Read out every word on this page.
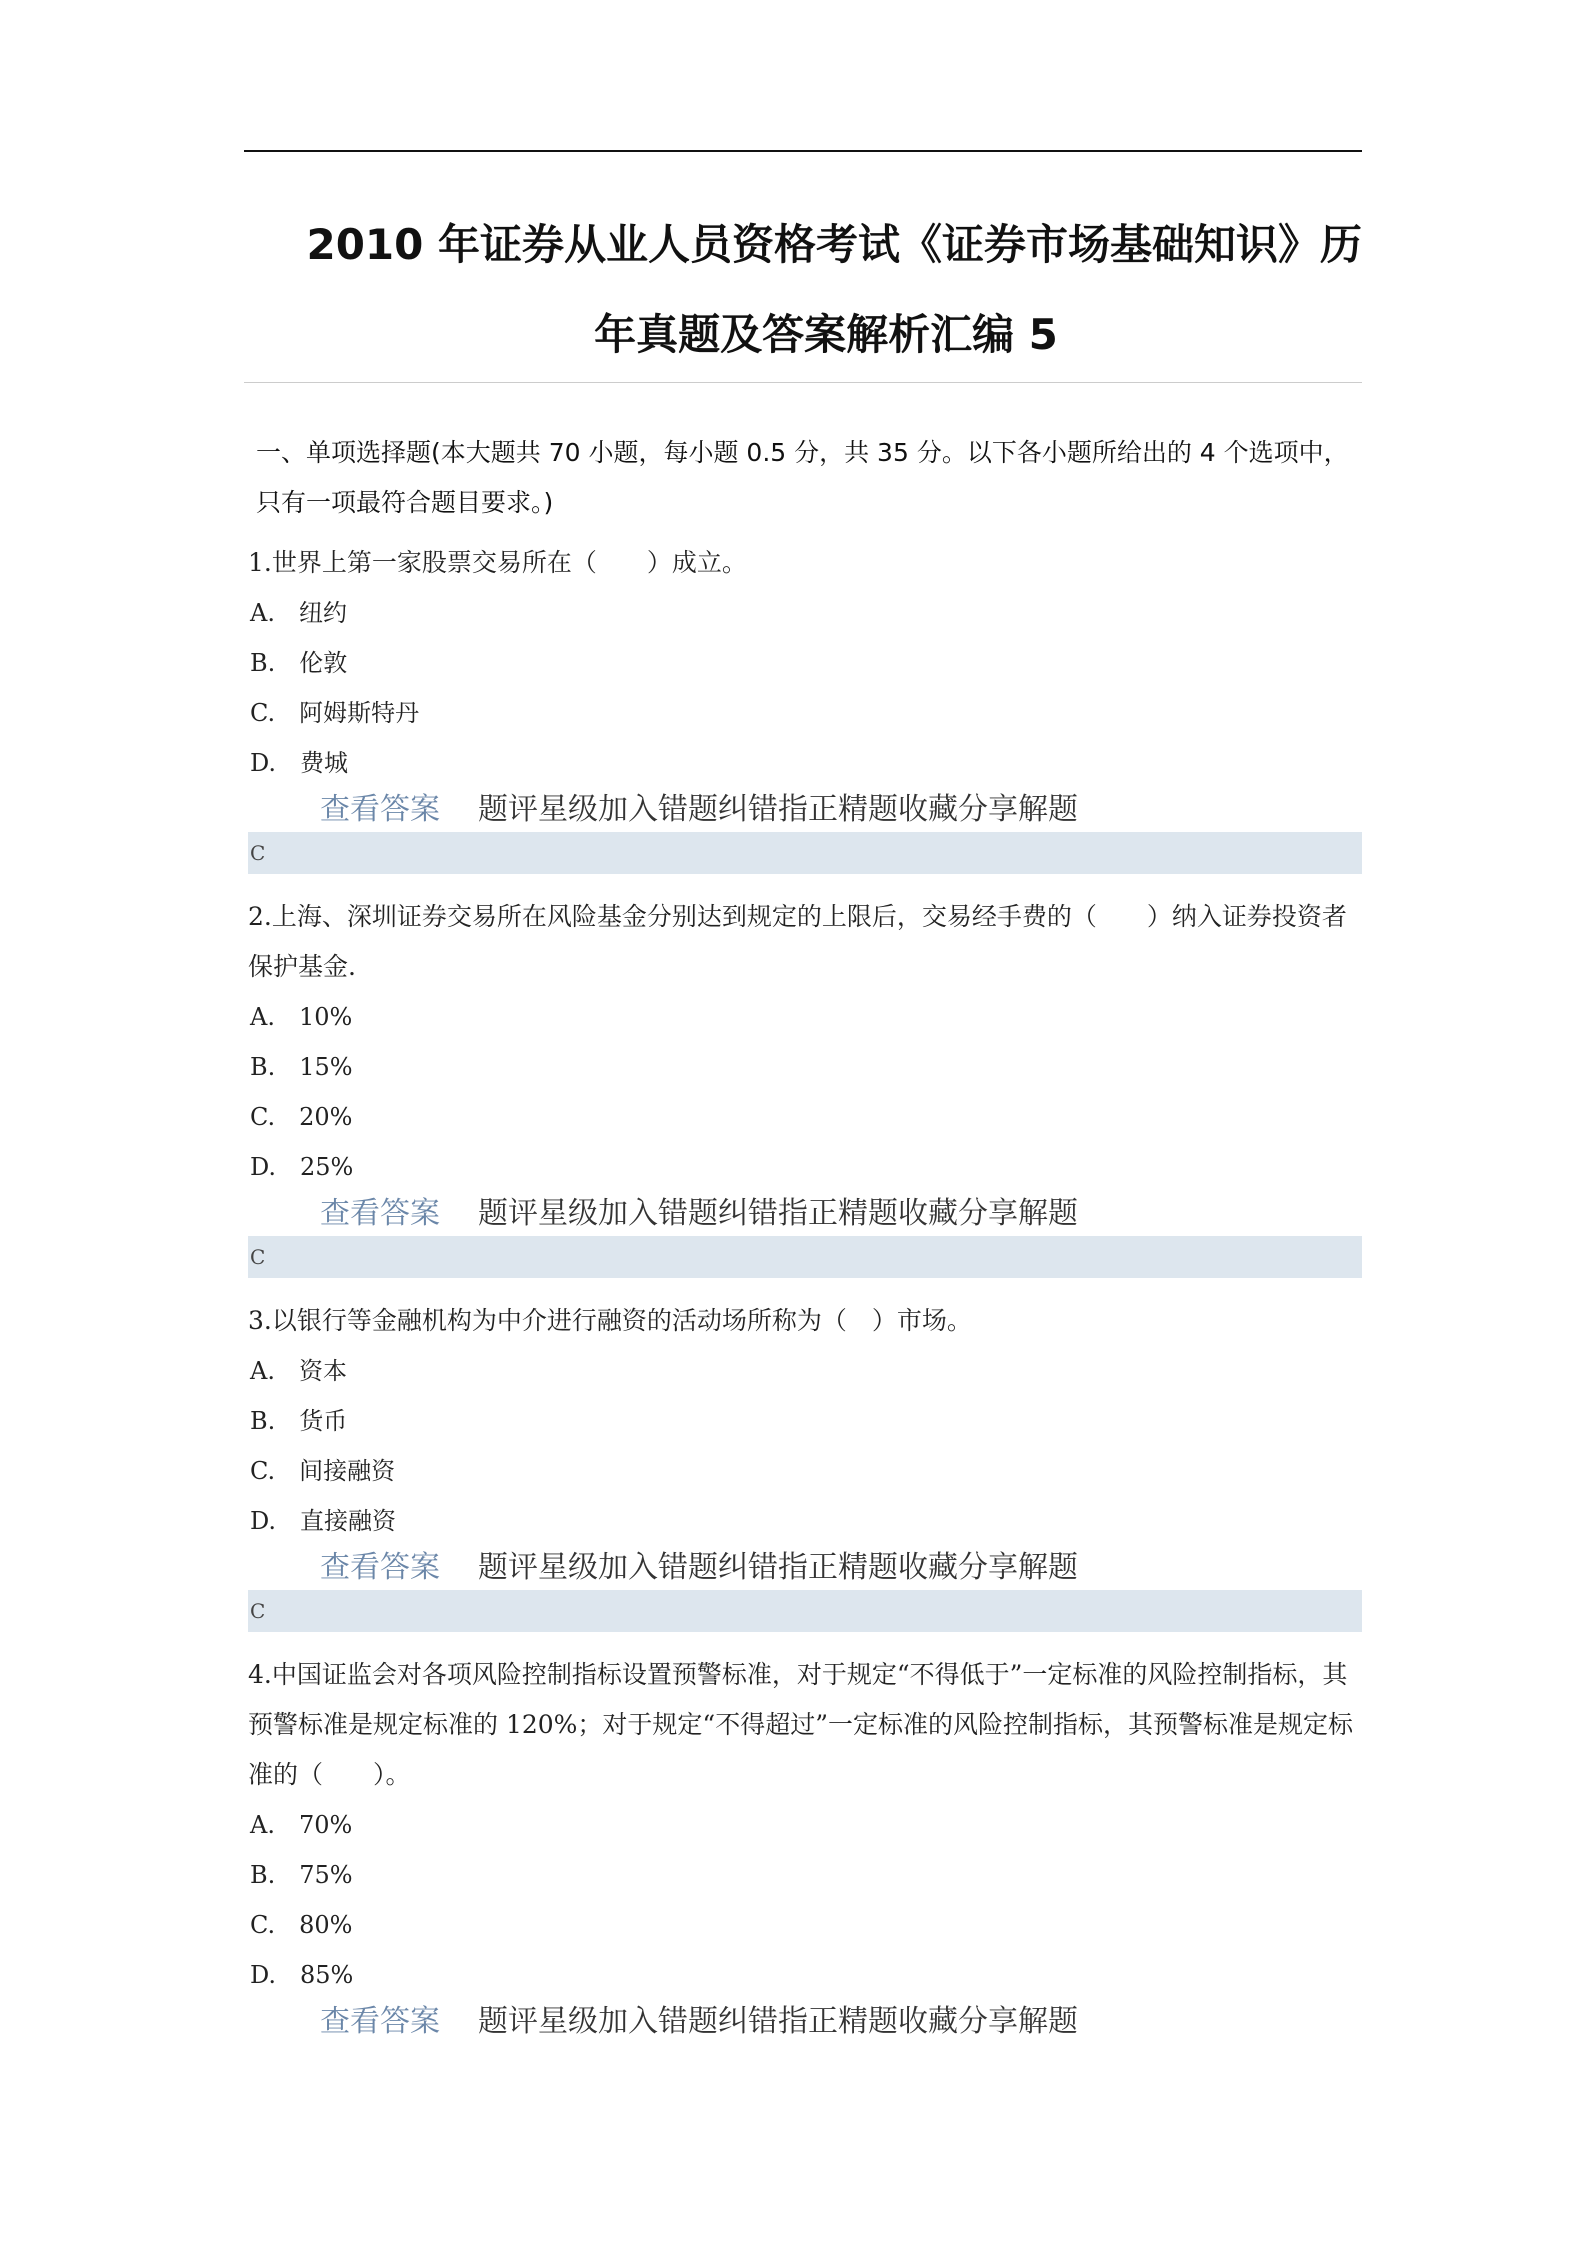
2010 年证券从业人员资格考试《证券市场基础知识》历
年真题及答案解析汇编 5
一、单项选择题(本大题共 70 小题，每小题 0.5 分，共 35 分。以下各小题所给出的 4 个选项中，只有一项最符合题目要求。)
1.世界上第一家股票交易所在（　　）成立。
A.　纽约
B.　伦敦
C.　阿姆斯特丹
D.　费城
查看答案 题评星级加入错题纠错指正精题收藏分享解题
C
2.上海、深圳证券交易所在风险基金分别达到规定的上限后，交易经手费的（　　）纳入证券投资者保护基金.
A.　10%
B.　15%
C.　20%
D.　25%
查看答案 题评星级加入错题纠错指正精题收藏分享解题
C
3.以银行等金融机构为中介进行融资的活动场所称为（　）市场。
A.　资本
B.　货币
C.　间接融资
D.　直接融资
查看答案 题评星级加入错题纠错指正精题收藏分享解题
C
4.中国证监会对各项风险控制指标设置预警标准，对于规定“不得低于”一定标准的风险控制指标，其预警标准是规定标准的 120%；对于规定“不得超过”一定标准的风险控制指标，其预警标准是规定标准的（　　）。
A.　70%
B.　75%
C.　80%
D.　85%
查看答案 题评星级加入错题纠错指正精题收藏分享解题
